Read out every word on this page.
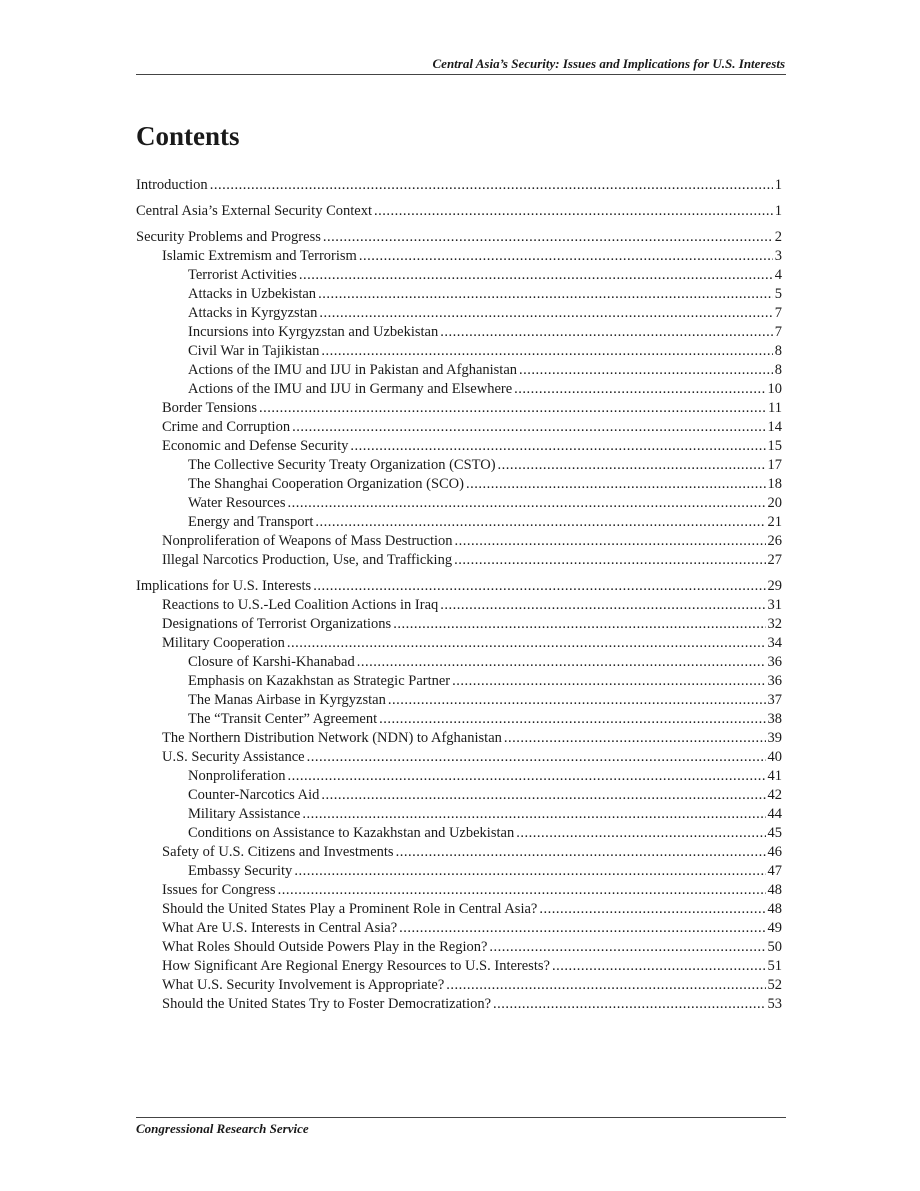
Central Asia’s Security: Issues and Implications for U.S. Interests
Contents
Introduction .....	1
Central Asia’s External Security Context .....	1
Security Problems and Progress .....	2
Islamic Extremism and Terrorism .....	3
Terrorist Activities .....	4
Attacks in Uzbekistan .....	5
Attacks in Kyrgyzstan .....	7
Incursions into Kyrgyzstan and Uzbekistan .....	7
Civil War in Tajikistan .....	8
Actions of the IMU and IJU in Pakistan and Afghanistan .....	8
Actions of the IMU and IJU in Germany and Elsewhere .....	10
Border Tensions .....	11
Crime and Corruption .....	14
Economic and Defense Security .....	15
The Collective Security Treaty Organization (CSTO) .....	17
The Shanghai Cooperation Organization (SCO) .....	18
Water Resources .....	20
Energy and Transport .....	21
Nonproliferation of Weapons of Mass Destruction .....	26
Illegal Narcotics Production, Use, and Trafficking .....	27
Implications for U.S. Interests .....	29
Reactions to U.S.-Led Coalition Actions in Iraq .....	31
Designations of Terrorist Organizations .....	32
Military Cooperation .....	34
Closure of Karshi-Khanabad .....	36
Emphasis on Kazakhstan as Strategic Partner .....	36
The Manas Airbase in Kyrgyzstan .....	37
The “Transit Center” Agreement .....	38
The Northern Distribution Network (NDN) to Afghanistan .....	39
U.S. Security Assistance .....	40
Nonproliferation .....	41
Counter-Narcotics Aid .....	42
Military Assistance .....	44
Conditions on Assistance to Kazakhstan and Uzbekistan .....	45
Safety of U.S. Citizens and Investments .....	46
Embassy Security .....	47
Issues for Congress .....	48
Should the United States Play a Prominent Role in Central Asia? .....	48
What Are U.S. Interests in Central Asia? .....	49
What Roles Should Outside Powers Play in the Region? .....	50
How Significant Are Regional Energy Resources to U.S. Interests? .....	51
What U.S. Security Involvement is Appropriate? .....	52
Should the United States Try to Foster Democratization? .....	53
Congressional Research Service
